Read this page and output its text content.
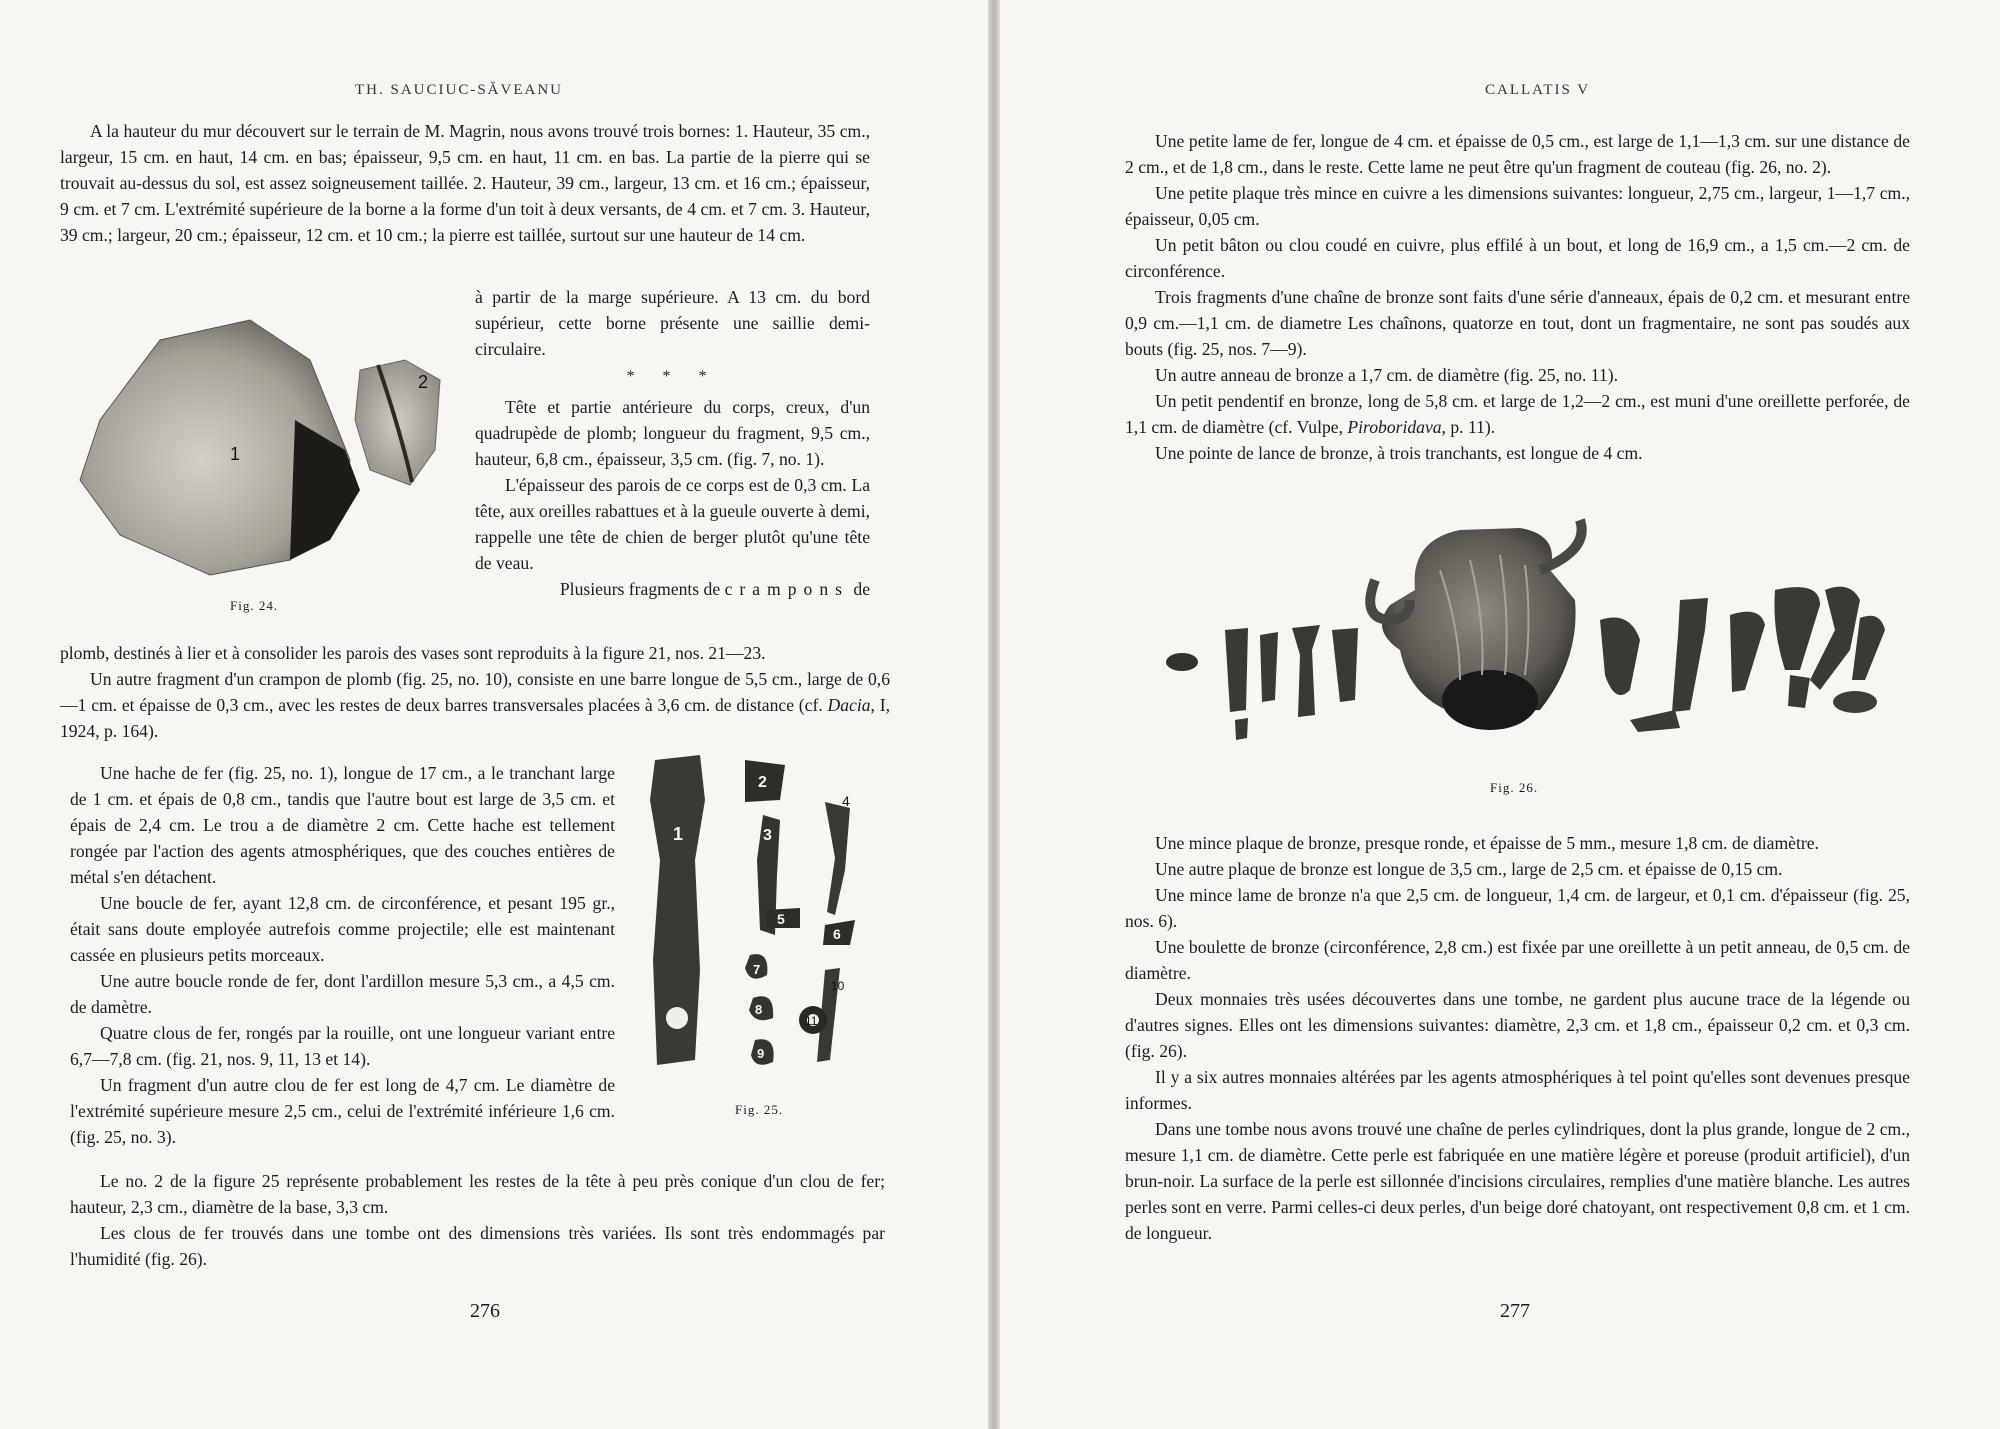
TH. SAUCIUC-SĂVEANU

A la hauteur du mur découvert sur le terrain de M. Magrin, nous avons trouvé trois bornes: 1. Hauteur, 35 cm., largeur, 15 cm. en haut, 14 cm. en bas; épaisseur, 9,5 cm. en haut, 11 cm. en bas. La partie de la pierre qui se trouvait au-dessus du sol, est assez soigneusement taillée. 2. Hauteur, 39 cm., largeur, 13 cm. et 16 cm.; épaisseur, 9 cm. et 7 cm. L'extrémité supérieure de la borne a la forme d'un toit à deux versants, de 4 cm. et 7 cm. 3. Hauteur, 39 cm.; largeur, 20 cm.; épaisseur, 12 cm. et 10 cm.; la pierre est taillée, surtout sur une hauteur de 14 cm.

à partir de la marge supérieure. A 13 cm. du bord supérieur, cette borne présente une saillie demi-circulaire.

* * *

Tête et partie antérieure du corps, creux, d'un quadrupède de plomb; longueur du fragment, 9,5 cm., hauteur, 6,8 cm., épaisseur, 3,5 cm. (fig. 7, no. 1).

L'épaisseur des parois de ce corps est de 0,3 cm. La tête, aux oreilles rabattues et à la gueule ouverte à demi, rappelle une tête de chien de berger plutôt qu'une tête de veau.

Plusieurs fragments de crampons de

1
2
Fig. 24.

plomb, destinés à lier et à consolider les parois des vases sont reproduits à la figure 21, nos. 21—23.

Un autre fragment d'un crampon de plomb (fig. 25, no. 10), consiste en une barre longue de 5,5 cm., large de 0,6—1 cm. et épaisse de 0,3 cm., avec les restes de deux barres transversales placées à 3,6 cm. de distance (cf. Dacia, I, 1924, p. 164).

Une hache de fer (fig. 25, no. 1), longue de 17 cm., a le tranchant large de 1 cm. et épais de 0,8 cm., tandis que l'autre bout est large de 3,5 cm. et épais de 2,4 cm. Le trou a de diamètre 2 cm. Cette hache est tellement rongée par l'action des agents atmosphériques, que des couches entières de métal s'en détachent.

Une boucle de fer, ayant 12,8 cm. de circonférence, et pesant 195 gr., était sans doute employée autrefois comme projectile; elle est maintenant cassée en plusieurs petits morceaux.

Une autre boucle ronde de fer, dont l'ardillon mesure 5,3 cm., a 4,5 cm. de damètre.

Quatre clous de fer, rongés par la rouille, ont une longueur variant entre 6,7—7,8 cm. (fig. 21, nos. 9, 11, 13 et 14).

Un fragment d'un autre clou de fer est long de 4,7 cm. Le diamètre de l'extrémité supérieure mesure 2,5 cm., celui de l'extrémité inférieure 1,6 cm. (fig. 25, no. 3).

1
2
3
4
5
6
7
8
9
10
11
Fig. 25.

Le no. 2 de la figure 25 représente probablement les restes de la tête à peu près conique d'un clou de fer; hauteur, 2,3 cm., diamètre de la base, 3,3 cm.

Les clous de fer trouvés dans une tombe ont des dimensions très variées. Ils sont très endommagés par l'humidité (fig. 26).

276
CALLATIS V

Une petite lame de fer, longue de 4 cm. et épaisse de 0,5 cm., est large de 1,1—1,3 cm. sur une distance de 2 cm., et de 1,8 cm., dans le reste. Cette lame ne peut être qu'un fragment de couteau (fig. 26, no. 2).

Une petite plaque très mince en cuivre a les dimensions suivantes: longueur, 2,75 cm., largeur, 1—1,7 cm., épaisseur, 0,05 cm.

Un petit bâton ou clou coudé en cuivre, plus effilé à un bout, et long de 16,9 cm., a 1,5 cm.—2 cm. de circonférence.

Trois fragments d'une chaîne de bronze sont faits d'une série d'anneaux, épais de 0,2 cm. et mesurant entre 0,9 cm.—1,1 cm. de diametre Les chaînons, quatorze en tout, dont un fragmentaire, ne sont pas soudés aux bouts (fig. 25, nos. 7—9).

Un autre anneau de bronze a 1,7 cm. de diamètre (fig. 25, no. 11).

Un petit pendentif en bronze, long de 5,8 cm. et large de 1,2—2 cm., est muni d'une oreillette perforée, de 1,1 cm. de diamètre (cf. Vulpe, Piroboridava, p. 11).

Une pointe de lance de bronze, à trois tranchants, est longue de 4 cm.

Fig. 26.

Une mince plaque de bronze, presque ronde, et épaisse de 5 mm., mesure 1,8 cm. de diamètre.

Une autre plaque de bronze est longue de 3,5 cm., large de 2,5 cm. et épaisse de 0,15 cm.

Une mince lame de bronze n'a que 2,5 cm. de longueur, 1,4 cm. de largeur, et 0,1 cm. d'épaisseur (fig. 25, nos. 6).

Une boulette de bronze (circonférence, 2,8 cm.) est fixée par une oreillette à un petit anneau, de 0,5 cm. de diamètre.

Deux monnaies très usées découvertes dans une tombe, ne gardent plus aucune trace de la légende ou d'autres signes. Elles ont les dimensions suivantes: diamètre, 2,3 cm. et 1,8 cm., épaisseur 0,2 cm. et 0,3 cm. (fig. 26).

Il y a six autres monnaies altérées par les agents atmosphériques à tel point qu'elles sont devenues presque informes.

Dans une tombe nous avons trouvé une chaîne de perles cylindriques, dont la plus grande, longue de 2 cm., mesure 1,1 cm. de diamètre. Cette perle est fabriquée en une matière légère et poreuse (produit artificiel), d'un brun-noir. La surface de la perle est sillonnée d'incisions circulaires, remplies d'une matière blanche. Les autres perles sont en verre. Parmi celles-ci deux perles, d'un beige doré chatoyant, ont respectivement 0,8 cm. et 1 cm. de longueur.

277
